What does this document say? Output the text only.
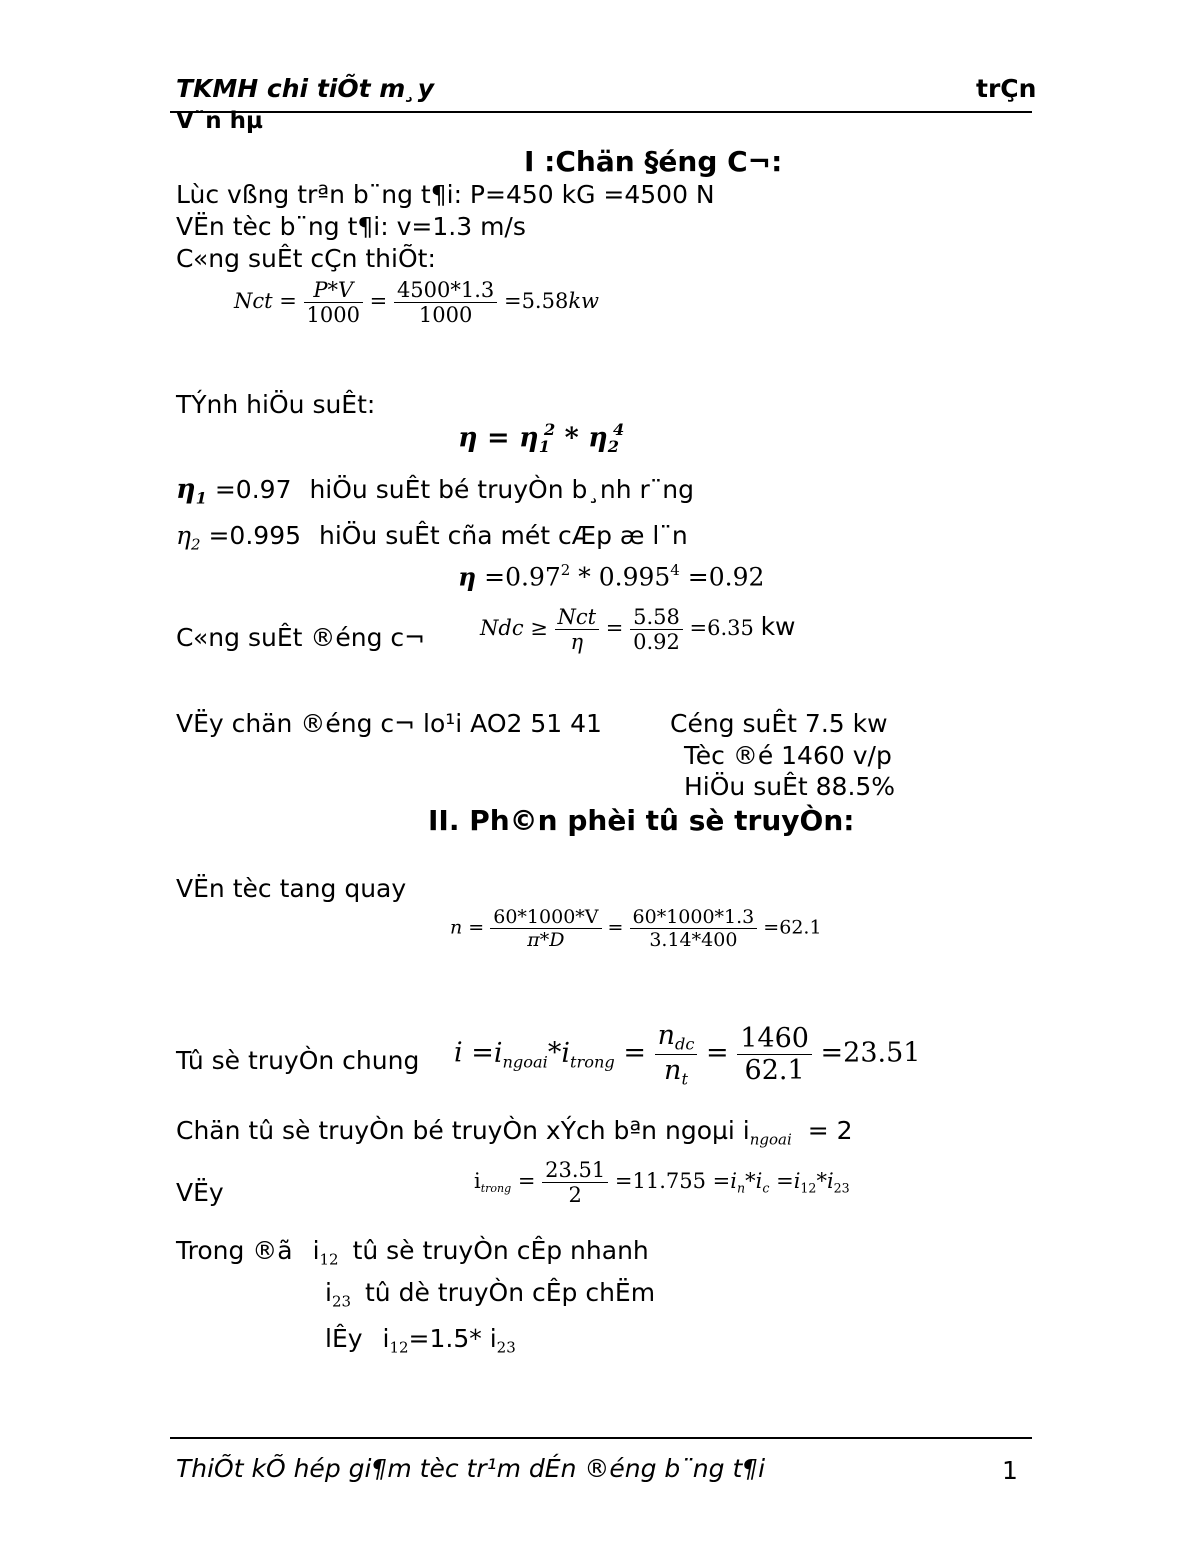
TKMH chi tiÕt m¸y	trÇn
V¨n hµ
I :Chän §éng C¬:
Lùc vßng trªn b¨ng t¶i: P=450 kG =4500 N
VËn tèc b¨ng t¶i: v=1.3 m/s
C«ng suÊt cÇn thiÕt:
Nct = $\frac{P*V}{1000} = \frac{4500*1.3}{1000} =5.58kw$
TÝnh hiÖu suÊt:
$\eta = \eta_1^2 * \eta_2^4$
$\eta_1 =0.97$ hiÖu suÊt bé truyÒn b¸nh r¨ng
$\eta_2 =0.995$ hiÖu suÊt cña mét cÆp æ l¨n
$\eta =0.97^2 * 0.995^4 =0.92$
C«ng suÊt ®éng c¬	Ndc ≥ $\frac{\text{Nct}}{\eta} = \frac{5.58}{0.92} =6.35$ kw
VËy chän ®éng c¬ lo¹i AO2 51 41	Céng suÊt 7.5 kw
Tèc ®é 1460 v/p
HiÖu suÊt 88.5%
II. Ph©n phèi tû sè truyÒn:
VËn tèc tang quay
$n = \frac{60*1000*V}{\pi*D} = \frac{60*1000*1.3}{3.14*400} =62.1$
Tû sè truyÒn chung $i =i_{ngoai}*i_{trong} = \frac{n_{dc}}{n_t} = \frac{1460}{62.1} =23.51$
Chän tû sè truyÒn bé truyÒn xÝch bªn ngoµi $i_{ngoai} = 2$
VËy	$i_{trong} = \frac{23.51}{2} =11.755 =i_n*i_c =i_{12}*i_{23}$
Trong ®ã $i_{12}$ tû sè truyÒn cÊp nhanh
$i_{23}$ tû dè truyÒn cÊp chËm
lÊy $i_{12}=1.5*$ $i_{23}$
ThiÕt kÕ hép gi¶m tèc tr¹m dÉn ®éng b¨ng t¶i	1
